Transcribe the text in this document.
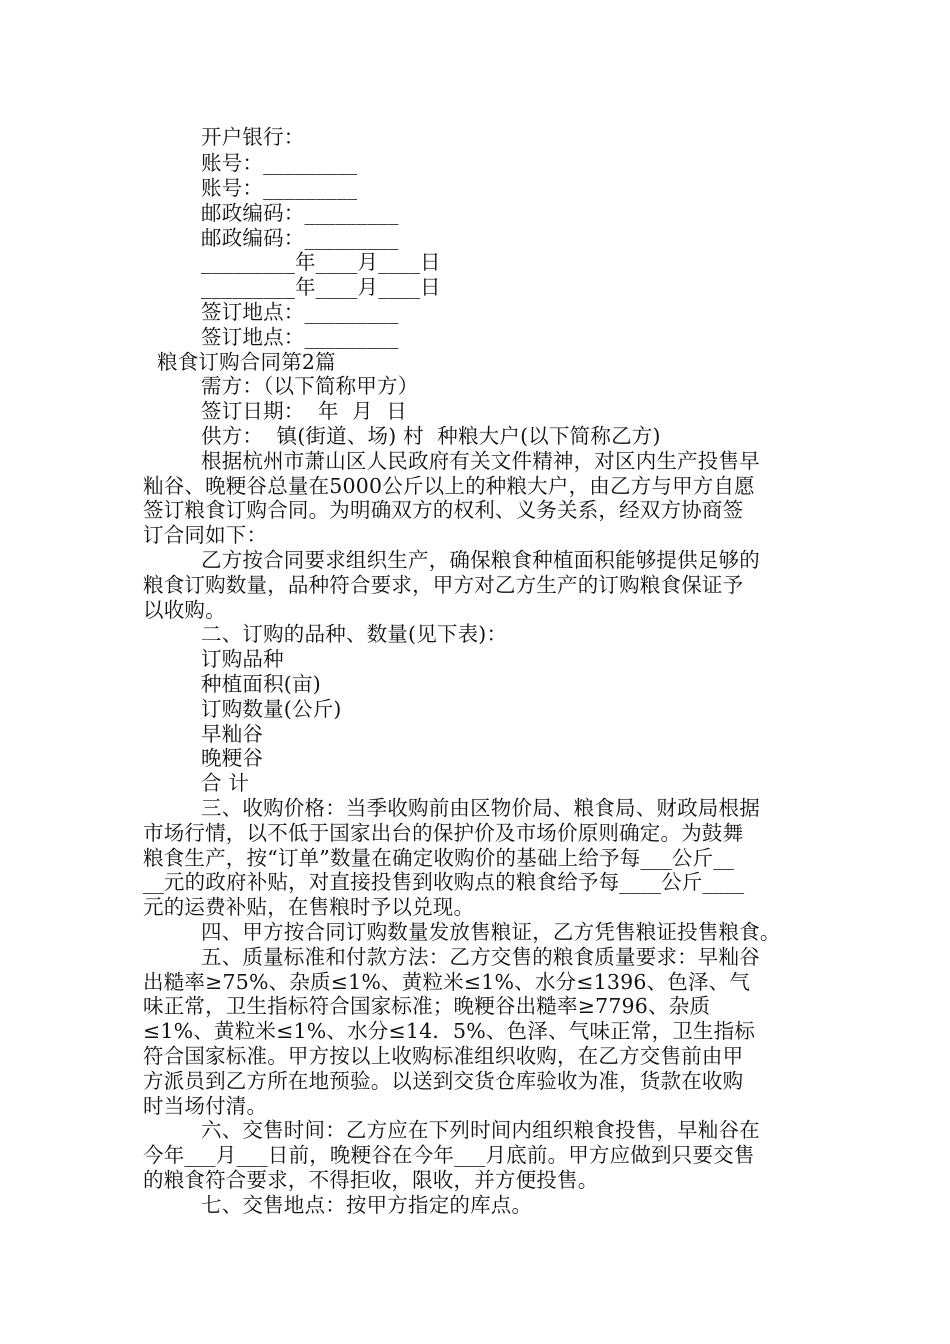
开户银行：
账号：_________
账号：_________
邮政编码：_________
邮政编码：_________
_________年____月____日
_________年____月____日
签订地点：_________
签订地点：_________
粮食订购合同第2篇
需方：（以下简称甲方）
签订日期：  年  月  日
供方：  镇(街道、场) 村  种粮大户(以下简称乙方)
根据杭州市萧山区人民政府有关文件精神，对区内生产投售早
籼谷、晚粳谷总量在5000公斤以上的种粮大户，由乙方与甲方自愿
签订粮食订购合同。为明确双方的权利、义务关系，经双方协商签
订合同如下：
乙方按合同要求组织生产，确保粮食种植面积能够提供足够的
粮食订购数量，品种符合要求，甲方对乙方生产的订购粮食保证予
以收购。
二、订购的品种、数量(见下表)：
订购品种
种植面积(亩)
订购数量(公斤)
早籼谷
晚粳谷
合 计
三、收购价格：当季收购前由区物价局、粮食局、财政局根据
市场行情，以不低于国家出台的保护价及市场价原则确定。为鼓舞
粮食生产，按“订单”数量在确定收购价的基础上给予每___公斤__
__元的政府补贴，对直接投售到收购点的粮食给予每____公斤____
元的运费补贴，在售粮时予以兑现。
四、甲方按合同订购数量发放售粮证，乙方凭售粮证投售粮食。
五、质量标准和付款方法：乙方交售的粮食质量要求：早籼谷
出糙率≥75%、杂质≤1%、黄粒米≤1%、水分≤1396、色泽、气
味正常，卫生指标符合国家标准；晚粳谷出糙率≥7796、杂质
≤1%、黄粒米≤1%、水分≤14．5%、色泽、气味正常，卫生指标
符合国家标准。甲方按以上收购标准组织收购，在乙方交售前由甲
方派员到乙方所在地预验。以送到交货仓库验收为准，货款在收购
时当场付清。
六、交售时间：乙方应在下列时间内组织粮食投售，早籼谷在
今年___月___日前，晚粳谷在今年___月底前。甲方应做到只要交售
的粮食符合要求，不得拒收，限收，并方便投售。
七、交售地点：按甲方指定的库点。
